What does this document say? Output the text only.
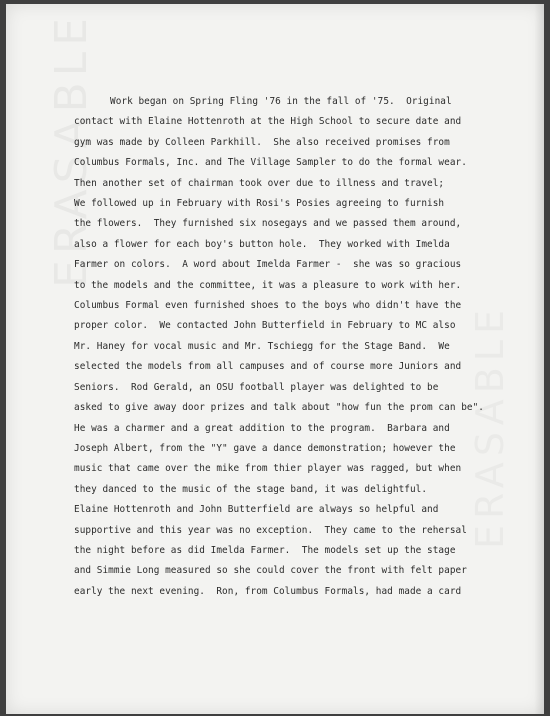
Work began on Spring Fling '76 in the fall of '75.  Original
contact with Elaine Hottenroth at the High School to secure date and
gym was made by Colleen Parkhill.  She also received promises from
Columbus Formals, Inc. and The Village Sampler to do the formal wear.
Then another set of chairman took over due to illness and travel;
We followed up in February with Rosi's Posies agreeing to furnish
the flowers.  They furnished six nosegays and we passed them around,
also a flower for each boy's button hole.  They worked with Imelda
Farmer on colors.  A word about Imelda Farmer -  she was so gracious
to the models and the committee, it was a pleasure to work with her.
Columbus Formal even furnished shoes to the boys who didn't have the
proper color.  We contacted John Butterfield in February to MC also
Mr. Haney for vocal music and Mr. Tschiegg for the Stage Band.  We
selected the models from all campuses and of course more Juniors and
Seniors.  Rod Gerald, an OSU football player was delighted to be
asked to give away door prizes and talk about "how fun the prom can be".
He was a charmer and a great addition to the program.  Barbara and
Joseph Albert, from the "Y" gave a dance demonstration; however the
music that came over the mike from thier player was ragged, but when
they danced to the music of the stage band, it was delightful.
Elaine Hottenroth and John Butterfield are always so helpful and
supportive and this year was no exception.  They came to the rehersal
the night before as did Imelda Farmer.  The models set up the stage
and Simmie Long measured so she could cover the front with felt paper
early the next evening.  Ron, from Columbus Formals, had made a card
